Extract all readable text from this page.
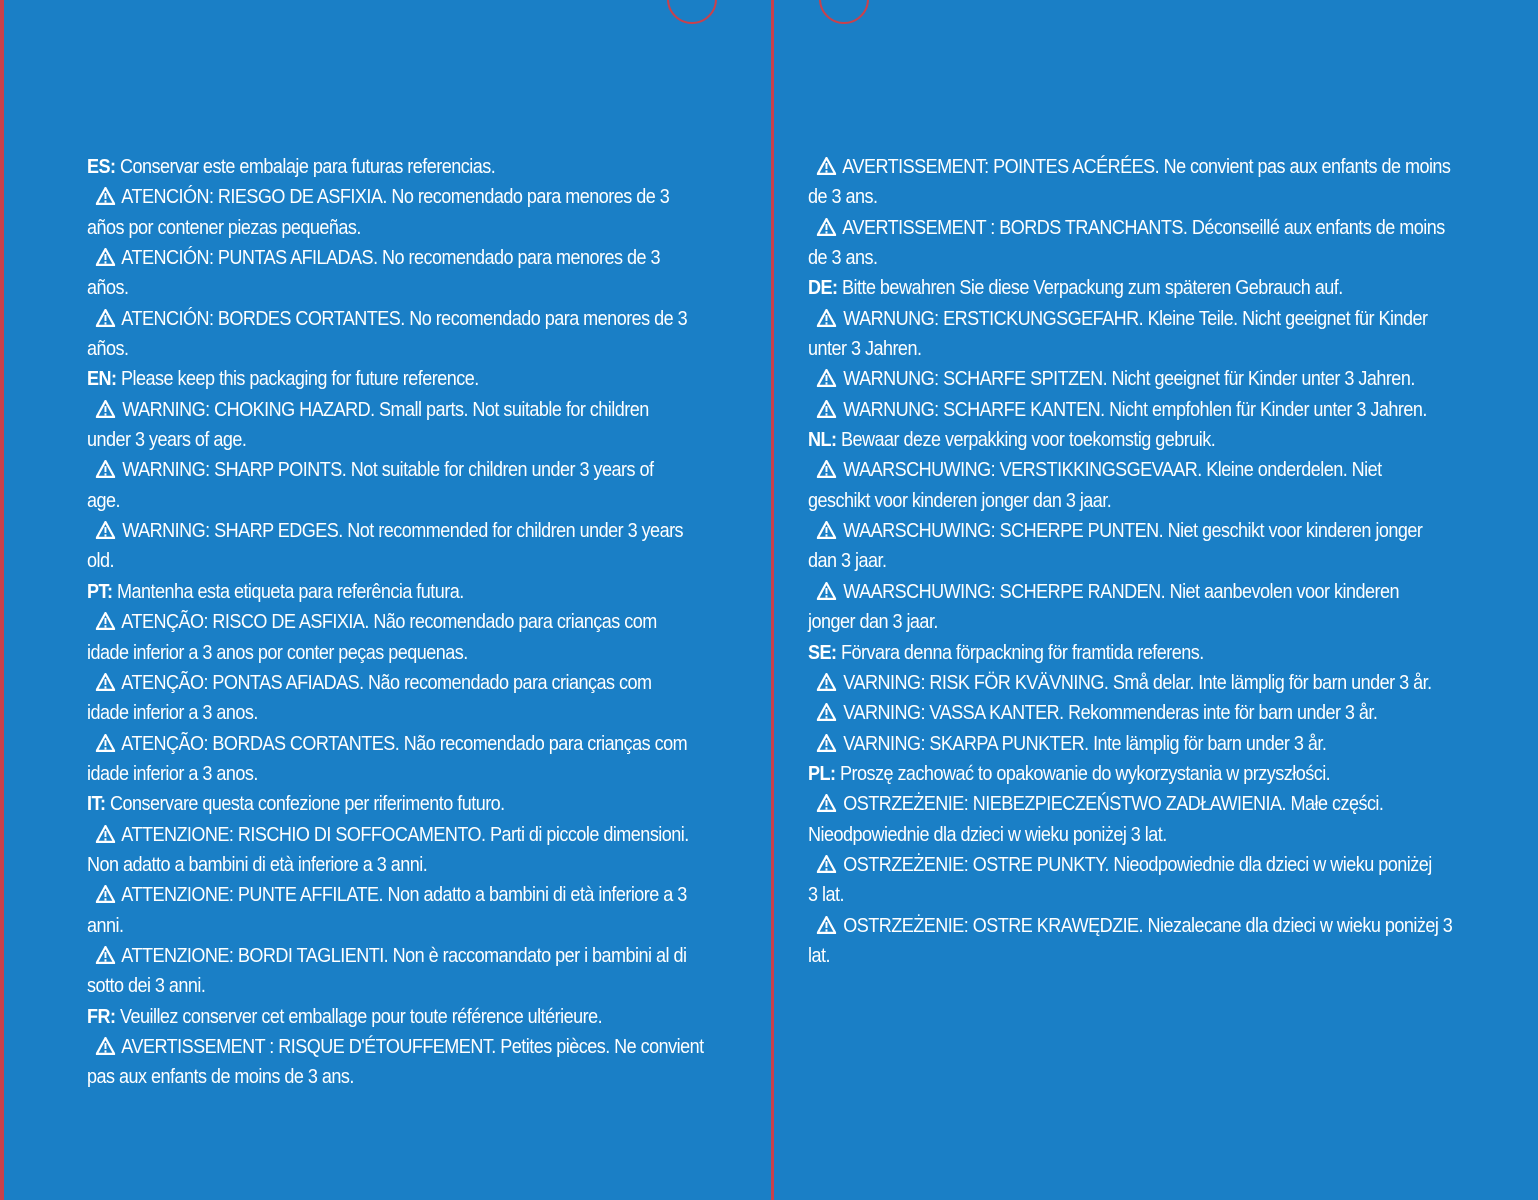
ES: Conservar este embalaje para futuras referencias.
ATENCIÓN: RIESGO DE ASFIXIA. No recomendado para menores de 3
años por contener piezas pequeñas.
ATENCIÓN: PUNTAS AFILADAS. No recomendado para menores de 3
años.
ATENCIÓN: BORDES CORTANTES. No recomendado para menores de 3
años.
EN: Please keep this packaging for future reference.
WARNING: CHOKING HAZARD. Small parts. Not suitable for children
under 3 years of age.
WARNING: SHARP POINTS. Not suitable for children under 3 years of
age.
WARNING: SHARP EDGES. Not recommended for children under 3 years
old.
PT: Mantenha esta etiqueta para referência futura.
ATENÇÃO: RISCO DE ASFIXIA. Não recomendado para crianças com
idade inferior a 3 anos por conter peças pequenas.
ATENÇÃO: PONTAS AFIADAS. Não recomendado para crianças com
idade inferior a 3 anos.
ATENÇÃO: BORDAS CORTANTES. Não recomendado para crianças com
idade inferior a 3 anos.
IT: Conservare questa confezione per riferimento futuro.
ATTENZIONE: RISCHIO DI SOFFOCAMENTO. Parti di piccole dimensioni.
Non adatto a bambini di età inferiore a 3 anni.
ATTENZIONE: PUNTE AFFILATE. Non adatto a bambini di età inferiore a 3
anni.
ATTENZIONE: BORDI TAGLIENTI. Non è raccomandato per i bambini al di
sotto dei 3 anni.
FR: Veuillez conserver cet emballage pour toute référence ultérieure.
AVERTISSEMENT : RISQUE D'ÉTOUFFEMENT. Petites pièces. Ne convient
pas aux enfants de moins de 3 ans.
AVERTISSEMENT: POINTES ACÉRÉES. Ne convient pas aux enfants de moins
de 3 ans.
AVERTISSEMENT : BORDS TRANCHANTS. Déconseillé aux enfants de moins
de 3 ans.
DE: Bitte bewahren Sie diese Verpackung zum späteren Gebrauch auf.
WARNUNG: ERSTICKUNGSGEFAHR. Kleine Teile. Nicht geeignet für Kinder
unter 3 Jahren.
WARNUNG: SCHARFE SPITZEN. Nicht geeignet für Kinder unter 3 Jahren.
WARNUNG: SCHARFE KANTEN. Nicht empfohlen für Kinder unter 3 Jahren.
NL: Bewaar deze verpakking voor toekomstig gebruik.
WAARSCHUWING: VERSTIKKINGSGEVAAR. Kleine onderdelen. Niet
geschikt voor kinderen jonger dan 3 jaar.
WAARSCHUWING: SCHERPE PUNTEN. Niet geschikt voor kinderen jonger
dan 3 jaar.
WAARSCHUWING: SCHERPE RANDEN. Niet aanbevolen voor kinderen
jonger dan 3 jaar.
SE: Förvara denna förpackning för framtida referens.
VARNING: RISK FÖR KVÄVNING. Små delar. Inte lämplig för barn under 3 år.
VARNING: VASSA KANTER. Rekommenderas inte för barn under 3 år.
VARNING: SKARPA PUNKTER. Inte lämplig för barn under 3 år.
PL: Proszę zachować to opakowanie do wykorzystania w przyszłości.
OSTRZEŻENIE: NIEBEZPIECZEŃSTWO ZADŁAWIENIA. Małe części.
Nieodpowiednie dla dzieci w wieku poniżej 3 lat.
OSTRZEŻENIE: OSTRE PUNKTY. Nieodpowiednie dla dzieci w wieku poniżej
3 lat.
OSTRZEŻENIE: OSTRE KRAWĘDZIE. Niezalecane dla dzieci w wieku poniżej 3
lat.
